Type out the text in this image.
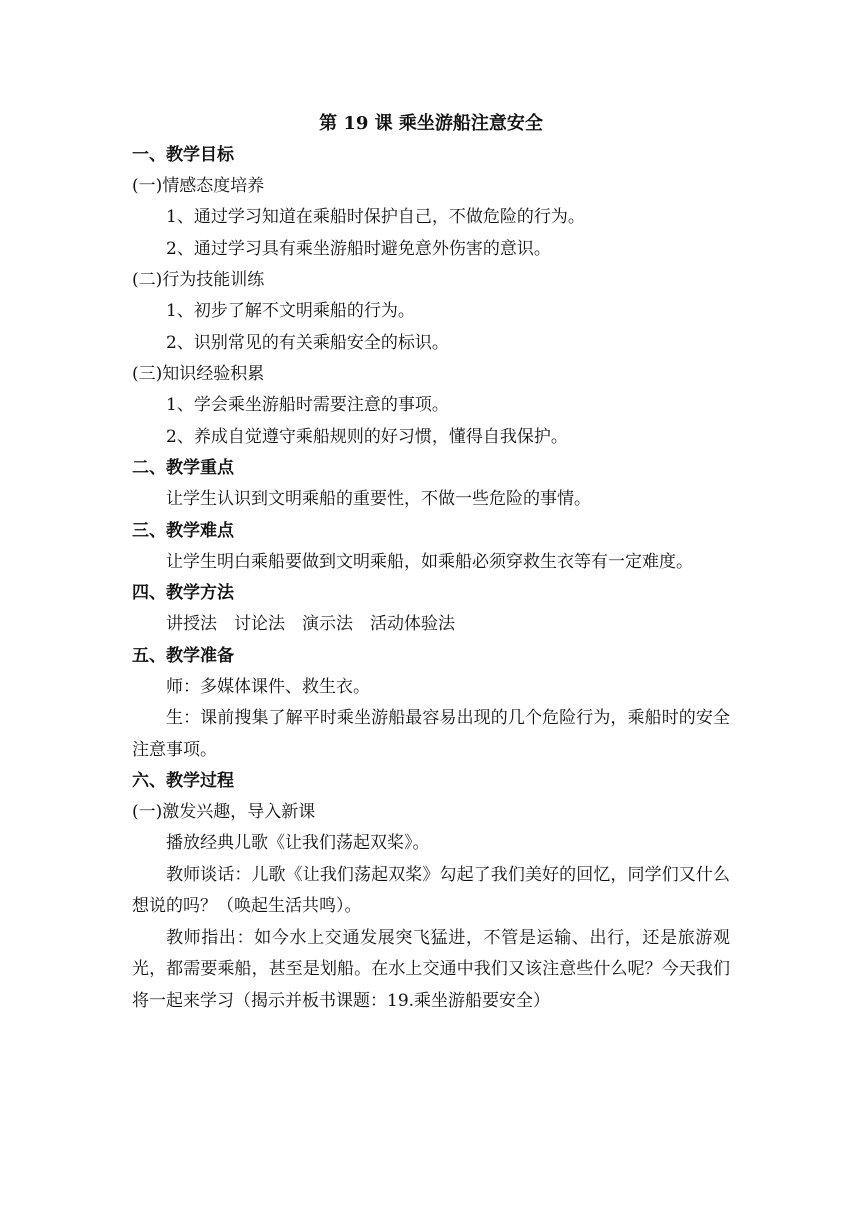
第 19 课 乘坐游船注意安全
一、教学目标
(一)情感态度培养
1、通过学习知道在乘船时保护自己，不做危险的行为。
2、通过学习具有乘坐游船时避免意外伤害的意识。
(二)行为技能训练
1、初步了解不文明乘船的行为。
2、识别常见的有关乘船安全的标识。
(三)知识经验积累
1、学会乘坐游船时需要注意的事项。
2、养成自觉遵守乘船规则的好习惯，懂得自我保护。
二、教学重点
让学生认识到文明乘船的重要性，不做一些危险的事情。
三、教学难点
让学生明白乘船要做到文明乘船，如乘船必须穿救生衣等有一定难度。
四、教学方法
讲授法　讨论法　演示法　活动体验法
五、教学准备
师：多媒体课件、救生衣。
生：课前搜集了解平时乘坐游船最容易出现的几个危险行为，乘船时的安全注意事项。
六、教学过程
(一)激发兴趣，导入新课
播放经典儿歌《让我们荡起双桨》。
教师谈话：儿歌《让我们荡起双桨》勾起了我们美好的回忆，同学们又什么想说的吗？（唤起生活共鸣）。
教师指出：如今水上交通发展突飞猛进，不管是运输、出行，还是旅游观光，都需要乘船，甚至是划船。在水上交通中我们又该注意些什么呢？今天我们将一起来学习（揭示并板书课题：19.乘坐游船要安全）
